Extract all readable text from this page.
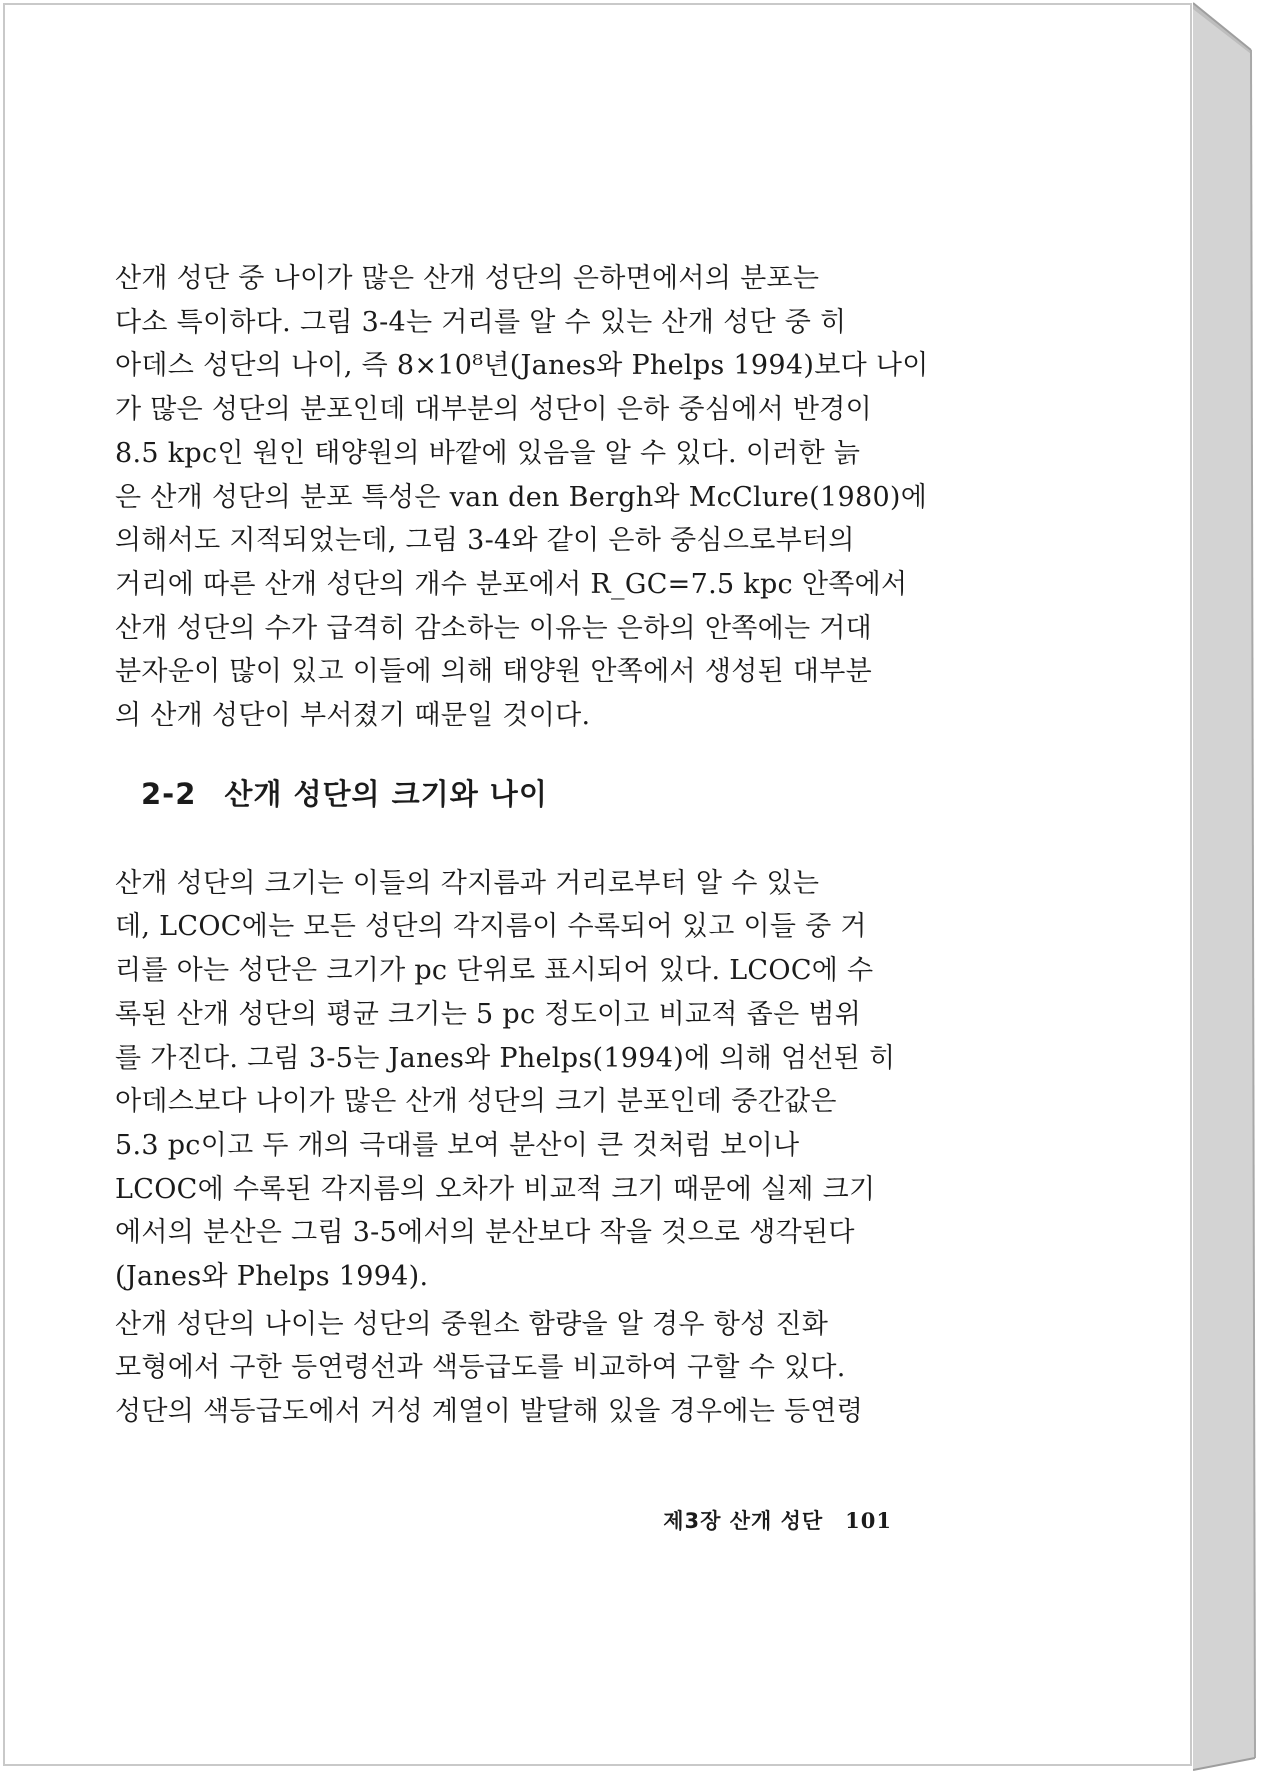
산개 성단 중 나이가 많은 산개 성단의 은하면에서의 분포는
다소 특이하다. 그림 3-4는 거리를 알 수 있는 산개 성단 중 히
아데스 성단의 나이, 즉 8×10⁸년(Janes와 Phelps 1994)보다 나이
가 많은 성단의 분포인데 대부분의 성단이 은하 중심에서 반경이
8.5 kpc인 원인 태양원의 바깥에 있음을 알 수 있다. 이러한 늙
은 산개 성단의 분포 특성은 van den Bergh와 McClure(1980)에
의해서도 지적되었는데, 그림 3-4와 같이 은하 중심으로부터의
거리에 따른 산개 성단의 개수 분포에서 R_GC=7.5 kpc 안쪽에서
산개 성단의 수가 급격히 감소하는 이유는 은하의 안쪽에는 거대
분자운이 많이 있고 이들에 의해 태양원 안쪽에서 생성된 대부분
의 산개 성단이 부서졌기 때문일 것이다.

2-2 산개 성단의 크기와 나이

산개 성단의 크기는 이들의 각지름과 거리로부터 알 수 있는
데, LCOC에는 모든 성단의 각지름이 수록되어 있고 이들 중 거
리를 아는 성단은 크기가 pc 단위로 표시되어 있다. LCOC에 수
록된 산개 성단의 평균 크기는 5 pc 정도이고 비교적 좁은 범위
를 가진다. 그림 3-5는 Janes와 Phelps(1994)에 의해 엄선된 히
아데스보다 나이가 많은 산개 성단의 크기 분포인데 중간값은
5.3 pc이고 두 개의 극대를 보여 분산이 큰 것처럼 보이나
LCOC에 수록된 각지름의 오차가 비교적 크기 때문에 실제 크기
에서의 분산은 그림 3-5에서의 분산보다 작을 것으로 생각된다
(Janes와 Phelps 1994).

산개 성단의 나이는 성단의 중원소 함량을 알 경우 항성 진화
모형에서 구한 등연령선과 색등급도를 비교하여 구할 수 있다.
성단의 색등급도에서 거성 계열이 발달해 있을 경우에는 등연령

제3장 산개 성단 101
